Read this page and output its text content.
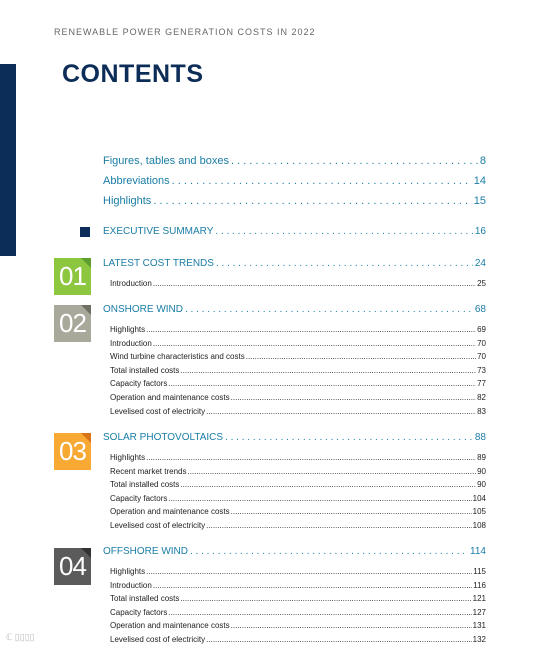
RENEWABLE POWER GENERATION COSTS IN 2022
CONTENTS
Figures, tables and boxes . . .	8
Abbreviations . . .	14
Highlights . . .	15
EXECUTIVE SUMMARY . . .	16
01 LATEST COST TRENDS . . .	24
Introduction .....	25
02 ONSHORE WIND . . .	68
Highlights .....	69
Introduction .....	70
Wind turbine characteristics and costs .....	70
Total installed costs .....	73
Capacity factors .....	77
Operation and maintenance costs .....	82
Levelised cost of electricity .....	83
03 SOLAR PHOTOVOLTAICS . . .	88
Highlights .....	89
Recent market trends .....	90
Total installed costs .....	90
Capacity factors .....	104
Operation and maintenance costs .....	105
Levelised cost of electricity .....	108
04 OFFSHORE WIND . . .	114
Highlights .....	115
Introduction .....	116
Total installed costs .....	121
Capacity factors .....	127
Operation and maintenance costs .....	131
Levelised cost of electricity .....	132
ℂ ▯▯▯▯
